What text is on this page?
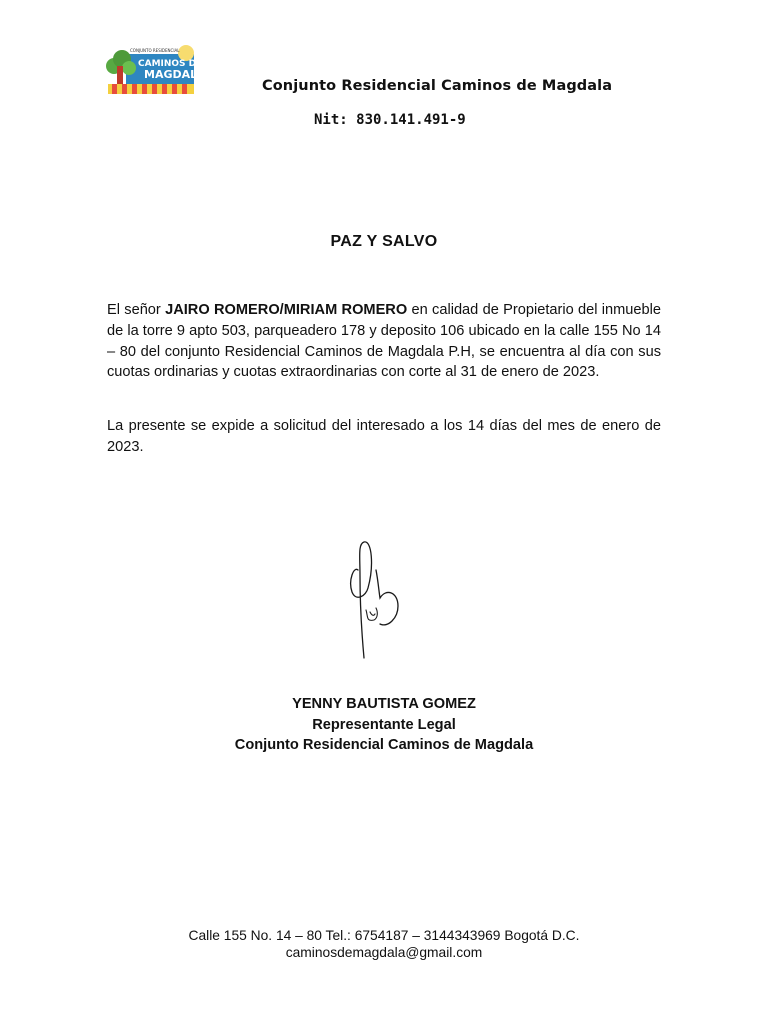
CONJUNTO RESIDENCIAL
CAMINOS DE
MAGDALA
Conjunto Residencial Caminos de Magdala
Nit: 830.141.491-9
PAZ Y SALVO

El señor JAIRO ROMERO/MIRIAM ROMERO en calidad de Propietario del inmueble de la torre 9 apto 503, parqueadero 178 y deposito 106 ubicado en la calle 155 No 14 – 80 del conjunto Residencial Caminos de Magdala P.H, se encuentra al día con sus cuotas ordinarias y cuotas extraordinarias con corte al 31 de enero de 2023.

La presente se expide a solicitud del interesado a los 14 días del mes de enero de 2023.

YENNY BAUTISTA GOMEZ
Representante Legal
Conjunto Residencial Caminos de Magdala
Calle 155 No. 14 – 80 Tel.: 6754187 – 3144343969 Bogotá D.C.
caminosdemagdala@gmail.com
